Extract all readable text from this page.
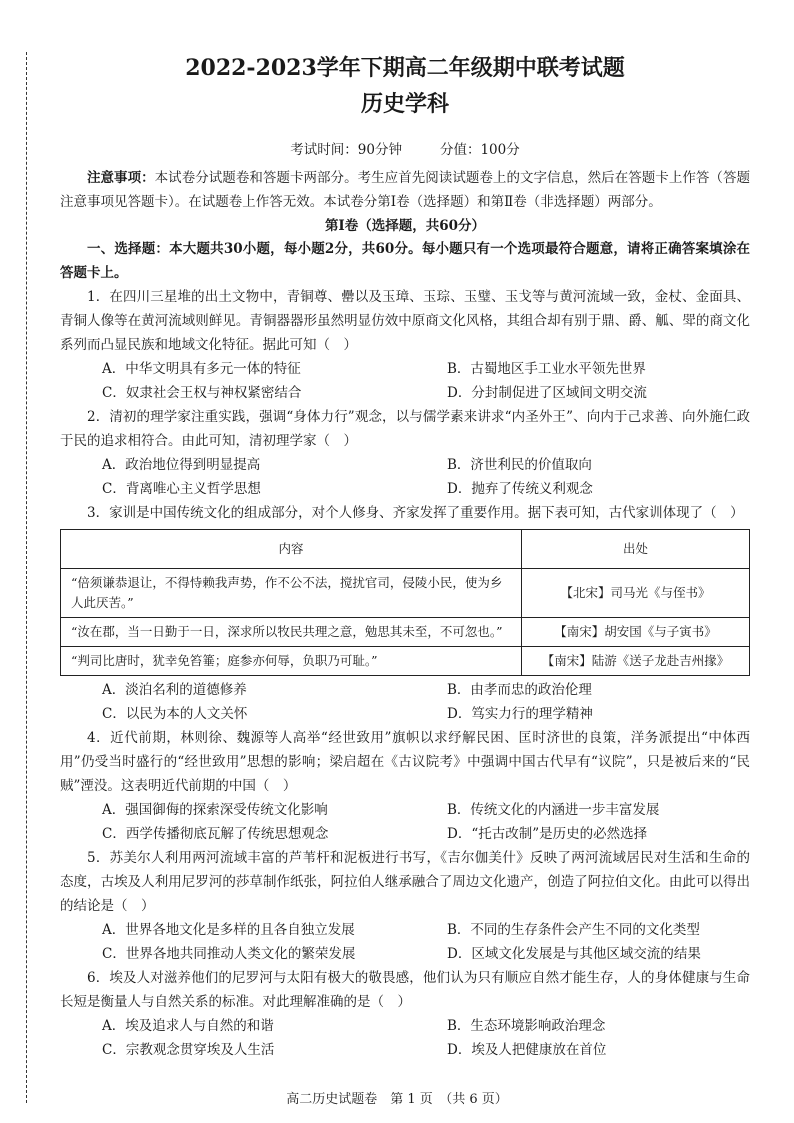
2022-2023学年下期高二年级期中联考试题
历史学科
考试时间：90分钟	分值：100分

注意事项：本试卷分试题卷和答题卡两部分。考生应首先阅读试题卷上的文字信息，然后在答题卡上作答（答题注意事项见答题卡）。在试题卷上作答无效。本试卷分第Ⅰ卷（选择题）和第Ⅱ卷（非选择题）两部分。

第Ⅰ卷（选择题，共60分）

一、选择题：本大题共30小题，每小题2分，共60分。每小题只有一个选项最符合题意，请将正确答案填涂在答题卡上。

1．在四川三星堆的出土文物中，青铜尊、罍以及玉璋、玉琮、玉璧、玉戈等与黄河流域一致，金杖、金面具、青铜人像等在黄河流域则鲜见。青铜器器形虽然明显仿效中原商文化风格，其组合却有别于鼎、爵、觚、斝的商文化系列而凸显民族和地域文化特征。据此可知（　）

A．中华文明具有多元一体的特征	B．古蜀地区手工业水平领先世界
C．奴隶社会王权与神权紧密结合	D．分封制促进了区域间文明交流

2．清初的理学家注重实践，强调“身体力行”观念，以与儒学素来讲求“内圣外王”、向内于己求善、向外施仁政于民的追求相符合。由此可知，清初理学家（　）

A．政治地位得到明显提高	B．济世利民的价值取向
C．背离唯心主义哲学思想	D．抛弃了传统义利观念

3．家训是中国传统文化的组成部分，对个人修身、齐家发挥了重要作用。据下表可知，古代家训体现了（　）

内容	出处
“倍须谦恭退让，不得恃赖我声势，作不公不法，搅扰官司，侵陵小民，使为乡人此厌苦。”	【北宋】司马光《与侄书》
“汝在郡，当一日勤于一日，深求所以牧民共理之意，勉思其未至，不可忽也。”	【南宋】胡安国《与子寅书》
“判司比唐时，犹幸免笞箠；庭参亦何辱，负职乃可耻。”	【南宋】陆游《送子龙赴吉州掾》
A．淡泊名利的道德修养	B．由孝而忠的政治伦理
C．以民为本的人文关怀	D．笃实力行的理学精神

4．近代前期，林则徐、魏源等人高举“经世致用”旗帜以求纾解民困、匡时济世的良策，洋务派提出“中体西用”仍受当时盛行的“经世致用”思想的影响；梁启超在《古议院考》中强调中国古代早有“议院”，只是被后来的“民贼”湮没。这表明近代前期的中国（　）

A．强国御侮的探索深受传统文化影响	B．传统文化的内涵进一步丰富发展
C．西学传播彻底瓦解了传统思想观念	D．“托古改制”是历史的必然选择

5．苏美尔人利用两河流域丰富的芦苇杆和泥板进行书写，《吉尔伽美什》反映了两河流域居民对生活和生命的态度，古埃及人利用尼罗河的莎草制作纸张，阿拉伯人继承融合了周边文化遗产，创造了阿拉伯文化。由此可以得出的结论是（　）

A．世界各地文化是多样的且各自独立发展	B．不同的生存条件会产生不同的文化类型
C．世界各地共同推动人类文化的繁荣发展	D．区域文化发展是与其他区域交流的结果

6．埃及人对滋养他们的尼罗河与太阳有极大的敬畏感，他们认为只有顺应自然才能生存，人的身体健康与生命长短是衡量人与自然关系的标准。对此理解准确的是（　）

A．埃及追求人与自然的和谐	B．生态环境影响政治理念
C．宗教观念贯穿埃及人生活	D．埃及人把健康放在首位
高二历史试题卷　第 1 页　（共 6 页）
